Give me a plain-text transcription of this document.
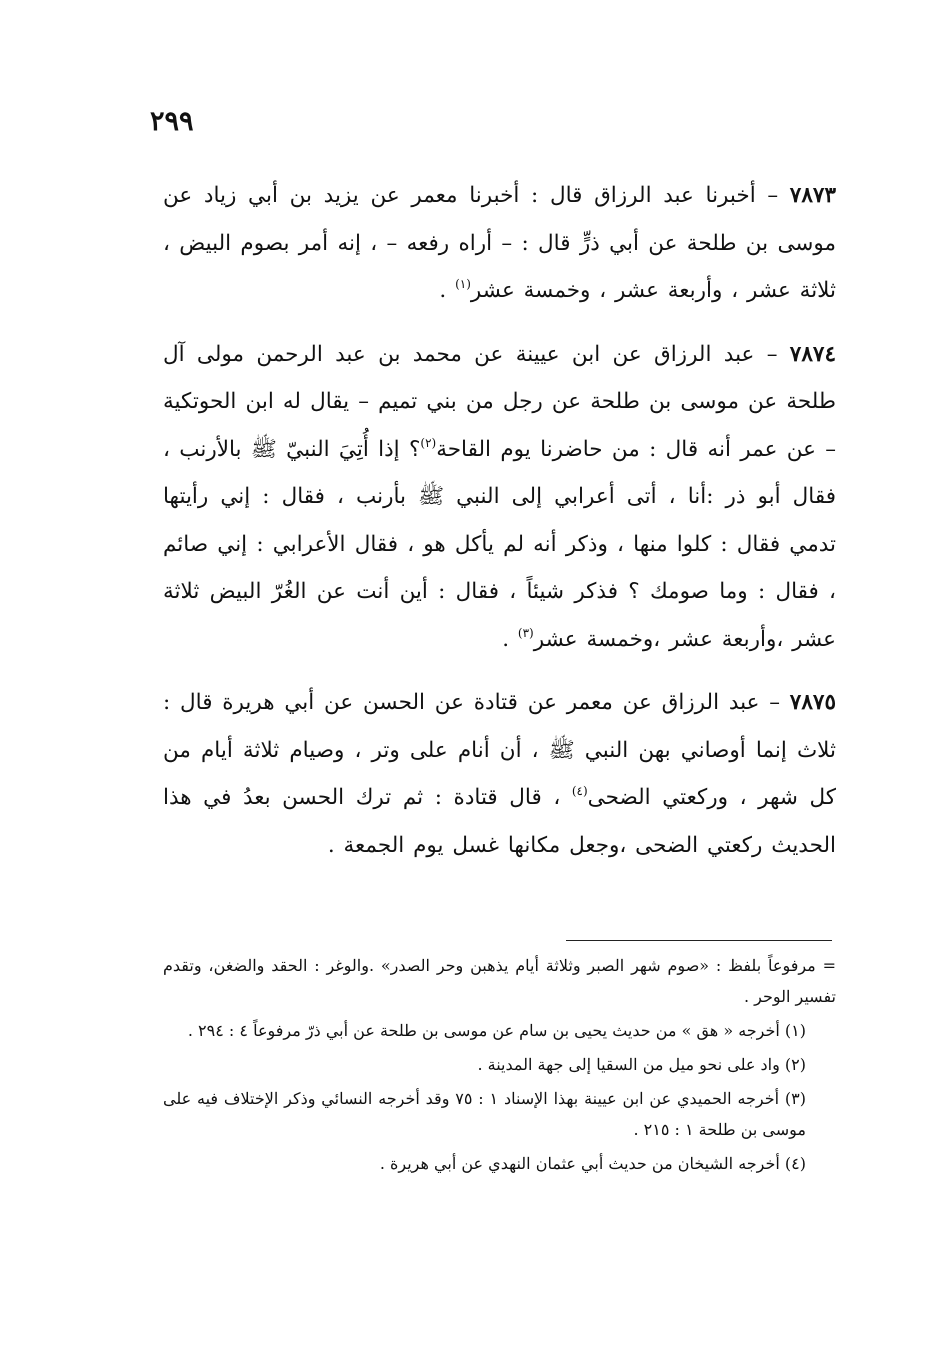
٢٩٩

٧٨٧٣ – أخبرنا عبد الرزاق قال : أخبرنا معمر عن يزيد بن أبي زياد عن موسى بن طلحة عن أبي ذرٍّ قال : – أراه رفعه – ، إنه أمر بصوم البيض ، ثلاثة عشر ، وأربعة عشر ، وخمسة عشر$^{(١)}$ .

٧٨٧٤ – عبد الرزاق عن ابن عيينة عن محمد بن عبد الرحمن مولى آل طلحة عن موسى بن طلحة عن رجل من بني تميم – يقال له ابن الحوتكية – عن عمر أنه قال : من حاضرنا يوم القاحة$^{(٢)}$؟ إذا أُتِيَ النبيّ ﷺ بالأرنب ، فقال أبو ذر :أنا ، أتى أعرابي إلى النبي ﷺ بأرنب ، فقال : إني رأيتها تدمي فقال : كلوا منها ، وذكر أنه لم يأكل هو ، فقال الأعرابي : إني صائم ، فقال : وما صومك ؟ فذكر شيئاً ، فقال : أين أنت عن الغُرّ البيض ثلاثة عشر ،وأربعة عشر ،وخمسة عشر$^{(٣)}$ .

٧٨٧٥ – عبد الرزاق عن معمر عن قتادة عن الحسن عن أبي هريرة قال : ثلاث إنما أوصاني بهن النبي ﷺ ، أن أنام على وتر ، وصيام ثلاثة أيام من كل شهر ، وركعتي الضحى$^{(٤)}$ ، قال قتادة : ثم ترك الحسن بعدُ في هذا الحديث ركعتي الضحى ،وجعل مكانها غسل يوم الجمعة .

= مرفوعاً بلفظ : «صوم شهر الصبر وثلاثة أيام يذهبن وحر الصدر» .والوغر : الحقد والضغن، وتقدم تفسير الوحر .

(١) أخرجه « هق » من حديث يحيى بن سام عن موسى بن طلحة عن أبي ذرّ مرفوعاً ٤ : ٢٩٤ .

(٢) واد على نحو ميل من السقيا إلى جهة المدينة .

(٣) أخرجه الحميدي عن ابن عيينة بهذا الإسناد ١ : ٧٥ وقد أخرجه النسائي وذكر الإختلاف فيه على موسى بن طلحة ١ : ٢١٥ .

(٤) أخرجه الشيخان من حديث أبي عثمان النهدي عن أبي هريرة .
